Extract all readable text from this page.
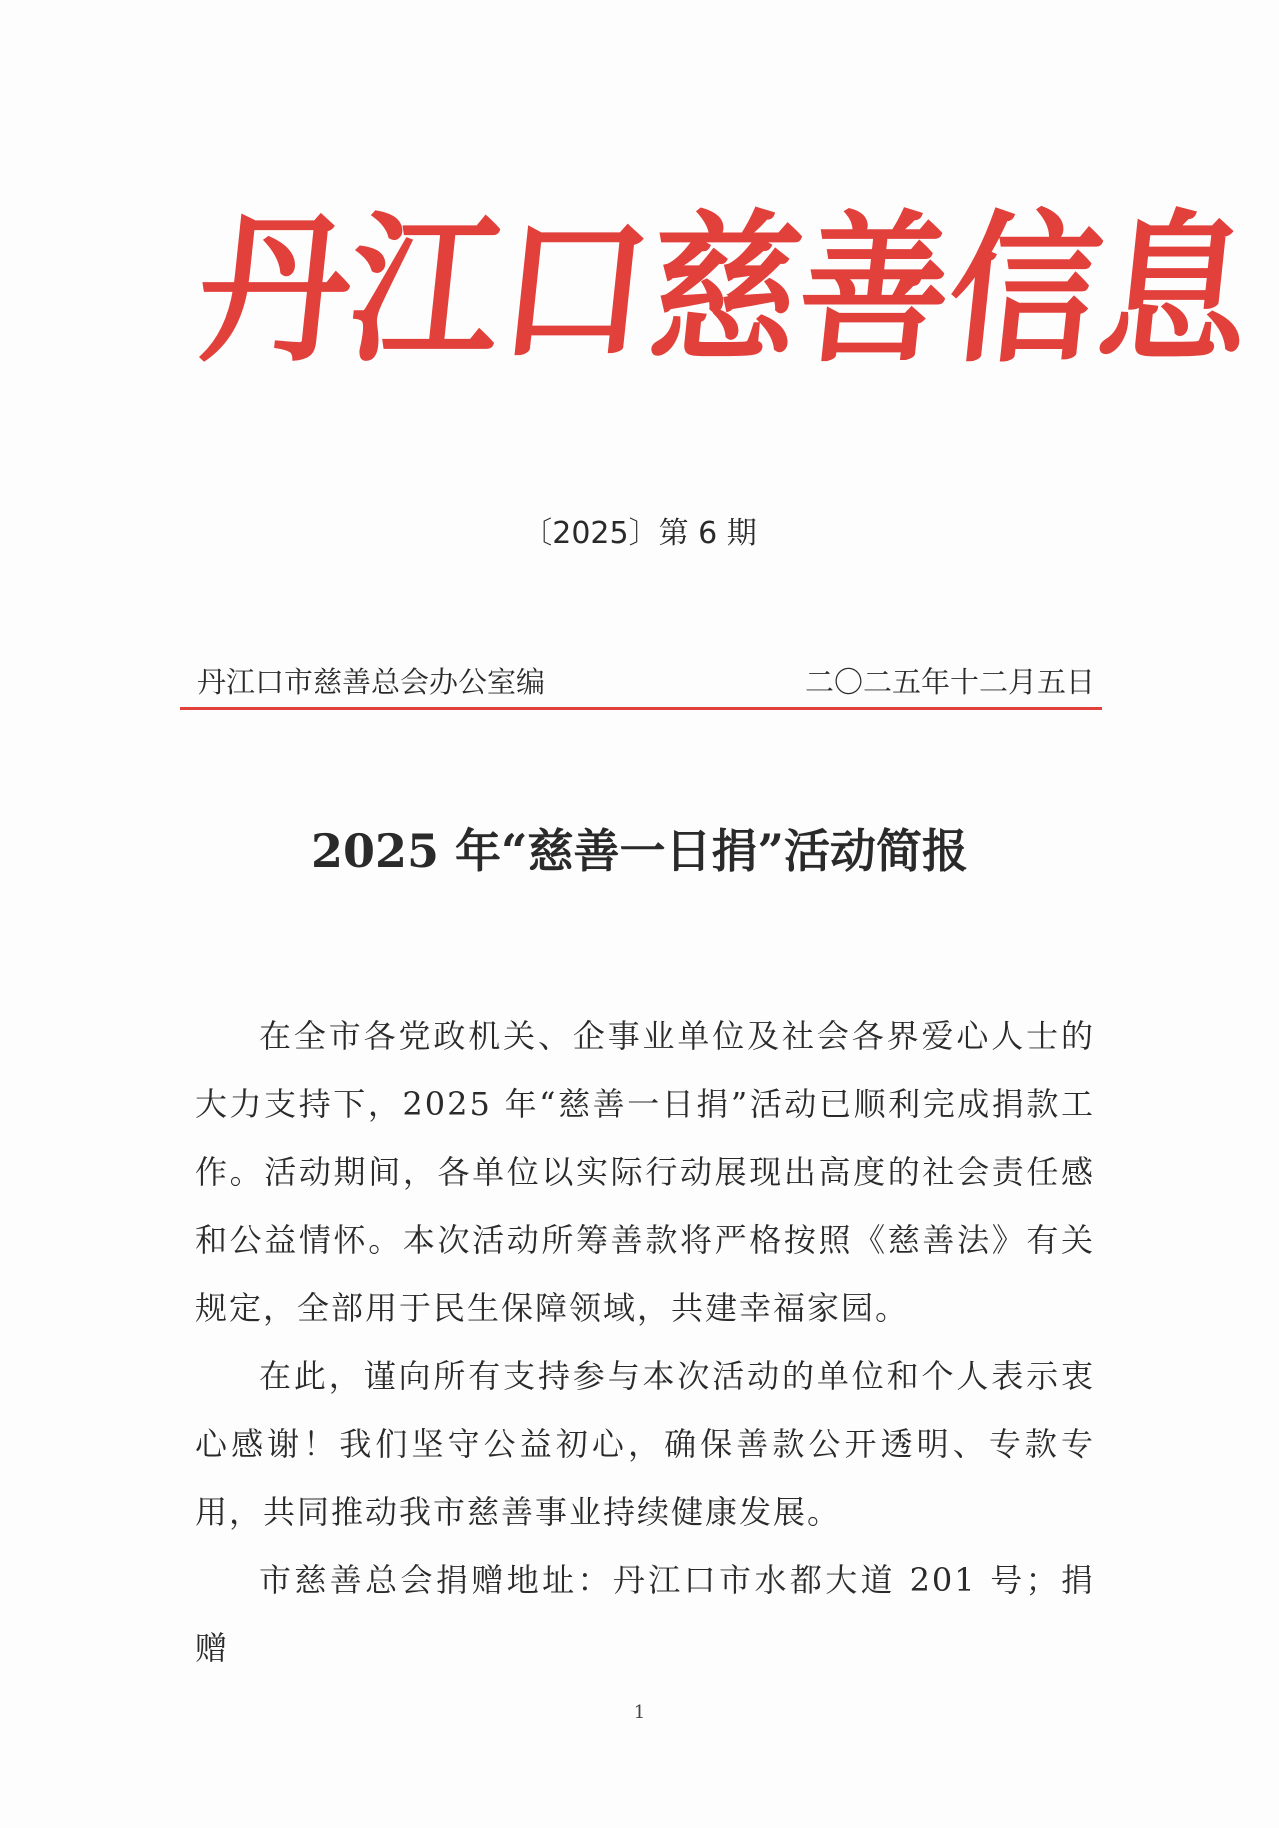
丹
江
口
慈
善
信
息
〔2025〕第 6 期
丹江口市慈善总会办公室编	二〇二五年十二月五日
2025 年“慈善一日捐”活动简报

在全市各党政机关、企事业单位及社会各界爱心人士的大力支持下，2025 年“慈善一日捐”活动已顺利完成捐款工作。活动期间，各单位以实际行动展现出高度的社会责任感和公益情怀。本次活动所筹善款将严格按照《慈善法》有关规定，全部用于民生保障领域，共建幸福家园。

在此，谨向所有支持参与本次活动的单位和个人表示衷心感谢！我们坚守公益初心，确保善款公开透明、专款专用，共同推动我市慈善事业持续健康发展。

市慈善总会捐赠地址：丹江口市水都大道 201 号；捐赠

1
